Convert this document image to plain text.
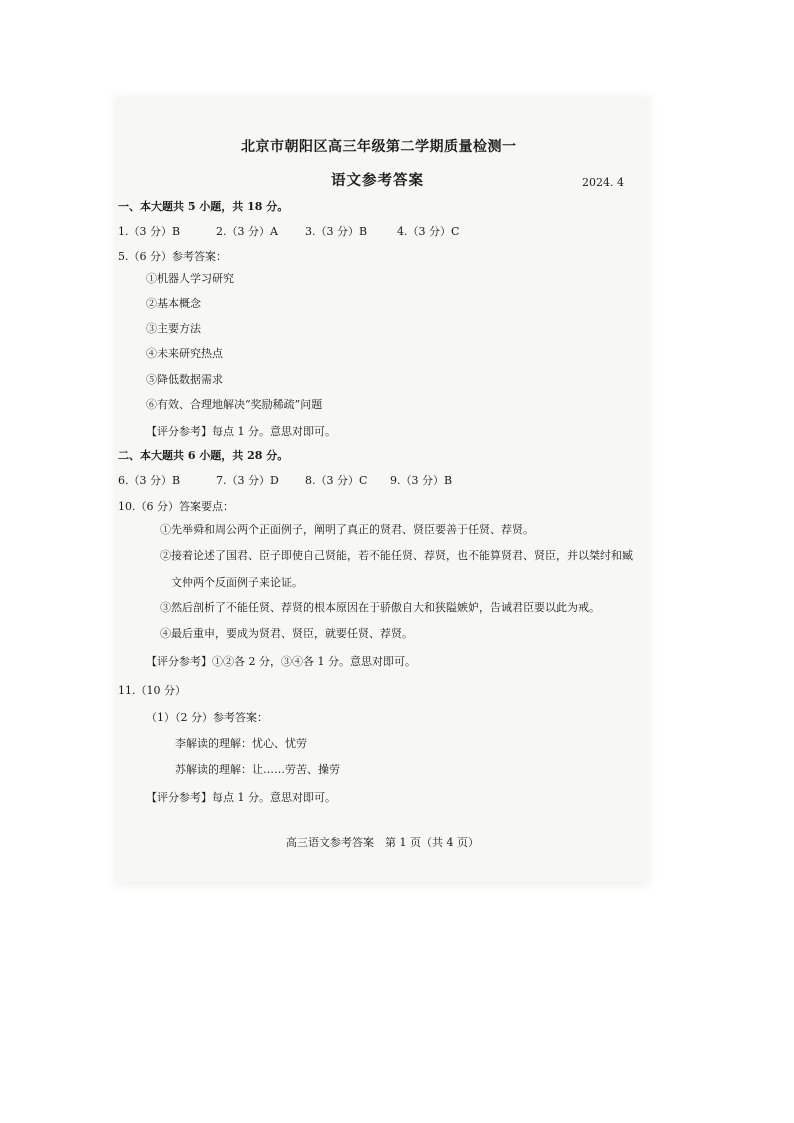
北京市朝阳区高三年级第二学期质量检测一
语文参考答案	2024. 4
一、本大题共 5 小题，共 18 分。
1.（3 分）B	2.（3 分）A 3.（3 分）B	4.（3 分）C
5.（6 分）参考答案：
①机器人学习研究
②基本概念
③主要方法
④未来研究热点
⑤降低数据需求
⑥有效、合理地解决“奖励稀疏”问题
【评分参考】每点 1 分。意思对即可。
二、本大题共 6 小题，共 28 分。
6.（3 分）B	7.（3 分）D 8.（3 分）C 9.（3 分）B
10.（6 分）答案要点：
①先举舜和周公两个正面例子，阐明了真正的贤君、贤臣要善于任贤、荐贤。
②接着论述了国君、臣子即使自己贤能，若不能任贤、荐贤，也不能算贤君、贤臣，并以桀纣和臧
文仲两个反面例子来论证。
③然后剖析了不能任贤、荐贤的根本原因在于骄傲自大和狭隘嫉妒，告诫君臣要以此为戒。
④最后重申，要成为贤君、贤臣，就要任贤、荐贤。
【评分参考】①②各 2 分，③④各 1 分。意思对即可。
11.（10 分）
（1）（2 分）参考答案：
李解读的理解：忧心、忧劳
苏解读的理解：让……劳苦、操劳
【评分参考】每点 1 分。意思对即可。
高三语文参考答案　第 1 页（共 4 页）
